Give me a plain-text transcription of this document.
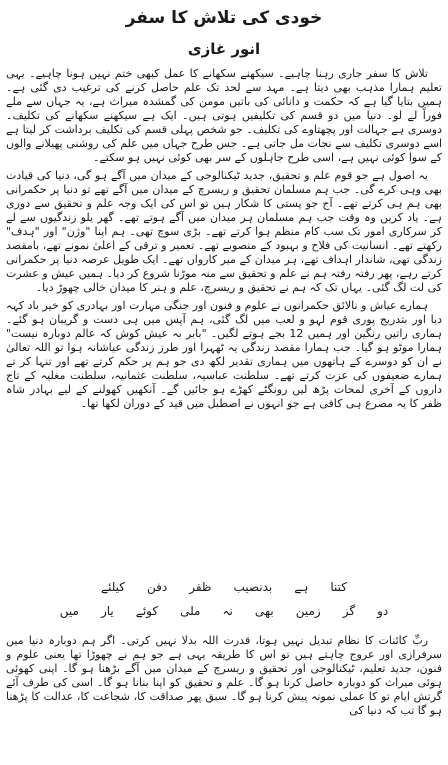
خودی کی تلاش کا سفر
انور غازی

تلاش کا سفر جاری رہنا چاہیے۔ سیکھنے سکھانے کا عمل کبھی ختم نہیں ہونا چاہیے۔ یہی تعلیم ہمارا مذہب بھی دیتا ہے۔ مہد سے لحد تک علم حاصل کرنے کی ترغیب دی گئی ہے۔ ہمیں بتایا گیا ہے کہ حکمت و دانائی کی باتیں مومن کی گمشدہ میراث ہے، یہ جہاں سے ملے فوراً لے لو۔ دنیا میں دو قسم کی تکلیفیں ہوتی ہیں۔ ایک ہے سیکھنے سکھانے کی تکلیف۔ دوسری ہے جہالت اور پچھتاوے کی تکلیف۔ جو شخص پہلی قسم کی تکلیف برداشت کر لیتا ہے اسے دوسری تکلیف سے نجات مل جاتی ہے۔ جس طرح جہاں میں علم کی روشنی پھیلانے والوں کے سوا کوئی نہیں ہے، اسی طرح جاہلوں کے سر بھی کوئی نہیں ہو سکتے۔

یہ اصول ہے جو قوم علم و تحقیق، جدید ٹیکنالوجی کے میدان میں آگے ہو گی، دنیا کی قیادت بھی وہی کرے گی۔ جب ہم مسلمان تحقیق و ریسرچ کے میدان میں آگے تھے تو دنیا پر حکمرانی بھی ہم ہی کرتے تھے۔ آج جو پستی کا شکار ہیں تو اس کی ایک وجہ علم و تحقیق سے دوری ہے۔ یاد کریں وہ وقت جب ہم مسلمان ہر میدان میں آگے ہوتے تھے۔ گھر یلو زندگیوں سے لے کر سرکاری امور تک سب کام منظم ہوا کرتے تھے۔ بڑی سوچ تھی۔ ہم اپنا "وژن" اور "ہدف" رکھتے تھے۔ انسانیت کی فلاح و بہبود کے منصوبے تھے۔ تعمیر و ترقی کے اعلیٰ نمونے تھے، بامقصد زندگی تھی، شاندار اہداف تھے، ہر میدان کے میر کارواں تھے۔ ایک طویل عرصہ دنیا پر حکمرانی کرتے رہے، پھر رفتہ رفتہ ہم نے علم و تحقیق سے منہ موڑنا شروع کر دیا۔ ہمیں عیش و عشرت کی لت لگ گئی۔ یہاں تک کہ ہم نے تحقیق و ریسرچ، علم و ہنر کا میدان خالی چھوڑ دیا۔

ہمارے عیاش و نالائق حکمرانوں نے علوم و فنون اور جنگی مہارت اور بہادری کو خیر باد کہہ دیا اور بتدریج پوری قوم لہو و لعب میں لگ گئی، ہم آپس میں ہی دست و گریبان ہو گئے۔ ہماری راتیں رنگین اور ہمیں 12 بجے ہوتے لگیں۔ "بابر بہ عیش کوش کہ عالم دوبارہ نیست" ہمارا موٹو ہو گیا۔ جب ہمارا مقصد زندگی یہ ٹھہرا اور طرز زندگی عیاشانہ ہوا تو اللہ تعالیٰ نے ان کو دوسرے کے ہاتھوں میں ہماری تقدیر لکھ دی جو ہم پر حکم کرتے تھے اور تنہا کر تے ہمارے ضعیفوں کی عزت کرتے تھے۔ سلطنت عباسیہ، سلطنت عثمانیہ، سلطنت مغلیہ کے تاج داروں کے آخری لمحات پڑھ لیں رونگٹے کھڑے ہو جائیں گے۔ آنکھیں کھولنے کے لیے بہادر شاہ ظفر کا یہ مصرع ہی کافی ہے جو انہوں نے اصطبل میں قید کے دوران لکھا تھا۔

کتنا
ہے
بدنصیب
ظفر
دفن
کیلئے
دو
گز
زمین
بھی
نہ
ملی
کوئے
یار
میں

ربِّ کائنات کا نظام تبدیل نہیں ہوتا، قدرت اللہ بدلا نہیں کرتی۔ اگر ہم دوبارہ دنیا میں سرفرازی اور عروج چاہتے ہیں تو اس کا طریقہ یہی ہے جو ہم نے چھوڑا تھا یعنی علوم و فنون، جدید تعلیم، ٹیکنالوجی اور تحقیق و ریسرچ کے میدان میں آگے بڑھنا ہو گا۔ اپنی کھوئی ہوئی میراث کو دوبارہ حاصل کرنا ہو گا۔ علم و تحقیق کو اپنا بنانا ہو گا۔ اسی کی طرف آئے گرتش ایام تو کا عملی نمونہ پیش کرنا ہو گا۔ سبق پھر صداقت کا، شجاعت کا، عدالت کا پڑھنا ہو گا تب کہ دنیا کی
